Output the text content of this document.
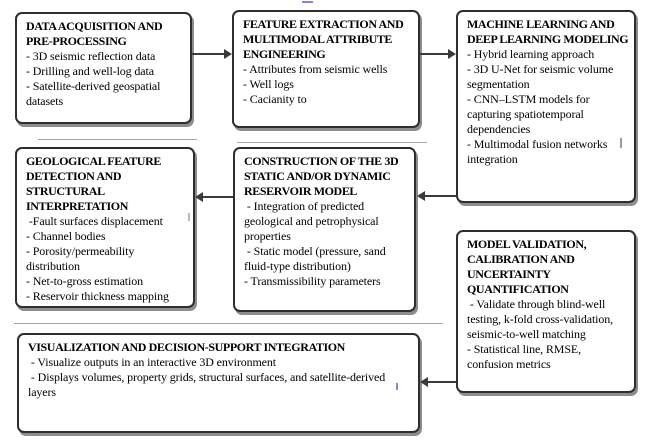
DATA ACQUISITION AND PRE-PROCESSING
- 3D seismic reflection data
- Drilling and well-log data
- Satellite-derived geospatial datasets
FEATURE EXTRACTION AND MULTIMODAL ATTRIBUTE ENGINEERING
- Attributes from seismic wells
- Well logs
- Cacianity to
MACHINE LEARNING AND DEEP LEARNING MODELING
- Hybrid learning approach
- 3D U-Net for seismic volume segmentation
- CNN–LSTM models for capturing spatiotemporal dependencies
- Multimodal fusion networks integration
GEOLOGICAL FEATURE DETECTION AND STRUCTURAL INTERPRETATION
-Fault surfaces displacement
- Channel bodies
- Porosity/permeability distribution
- Net-to-gross estimation
- Reservoir thickness mapping
CONSTRUCTION OF THE 3D STATIC AND/OR DYNAMIC RESERVOIR MODEL
- Integration of predicted geological and petrophysical properties
- Static model (pressure, sand fluid-type distribution)
- Transmissibility parameters
MODEL VALIDATION, CALIBRATION AND UNCERTAINTY QUANTIFICATION
- Validate through blind-well testing, k-fold cross-validation, seismic-to-well matching
- Statistical line, RMSE, confusion metrics
VISUALIZATION AND DECISION-SUPPORT INTEGRATION
- Visualize outputs in an interactive 3D environment
- Displays volumes, property grids, structural surfaces, and satellite-derived layers
